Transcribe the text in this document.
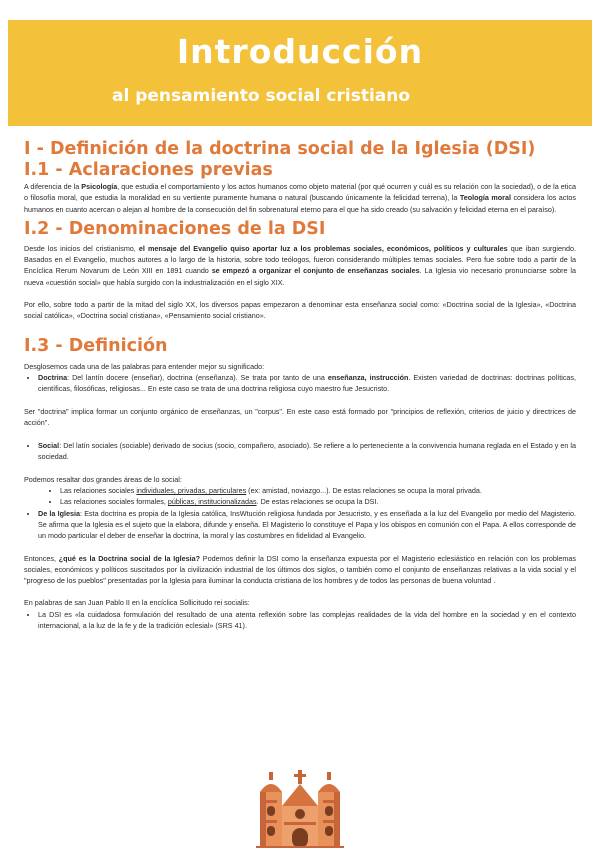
Introducción
al pensamiento social cristiano
I - Definición de la doctrina social de la Iglesia (DSI)
I.1 - Aclaraciones previas

A diferencia de la Psicología, que estudia el comportamiento y los actos humanos como objeto material (por qué ocurren y cuál es su relación con la sociedad), o de la etica o filosofía moral, que estudia la moralidad en su vertiente puramente humana o natural (buscando únicamente la felicidad terrena), la Teología moral considera los actos humanos en cuanto acercan o alejan al hombre de la consecución del fin sobrenatural eterno para el que ha sido creado (su salvación y felicidad eterna en el paraíso).

I.2 - Denominaciones de la DSI

Desde los inicios del cristianismo, el mensaje del Evangelio quiso aportar luz a los problemas sociales, económicos, políticos y culturales que iban surgiendo. Basados en el Evangelio, muchos autores a lo largo de la historia, sobre todo teólogos, fueron considerando múltiples temas sociales. Pero fue sobre todo a partir de la Encíclica Rerum Novarum de León XIII en 1891 cuando se empezó a organizar el conjunto de enseñanzas sociales. La Iglesia vio necesario pronunciarse sobre la nueva «cuestión social» que había surgido con la industrialización en el siglo XIX.

Por ello, sobre todo a partir de la mitad del siglo XX, los diversos papas empezaron a denominar esta enseñanza social como: «Doctrina social de la Iglesia», «Doctrina social católica», «Doctrina social cristiana», «Pensamiento social cristiano».

I.3 - Definición

Desglosemos cada una de las palabras para entender mejor su significado:

• Doctrina: Del lantín docere (enseñar), doctrina (enseñanza). Se trata por tanto de una enseñanza, instrucción. Existen variedad de doctrinas: doctrinas políticas, científicas, filosóficas, religiosas... En este caso se trata de una doctrina religiosa cuyo maestro fue Jesucristo.

Ser "doctrina" implica formar un conjunto orgánico de enseñanzas, un "corpus". En este caso está formado por "principios de reflexión, criterios de juicio y directrices de acción".

• Social: Del latín sociales (sociable) derivado de socius (socio, compañero, asociado). Se refiere a lo perteneciente a la convivencia humana reglada en el Estado y en la sociedad.

Podemos resaltar dos grandes áreas de lo social:

• Las relaciones sociales individuales, privadas, particulares (ex: amistad, noviazgo...). De estas relaciones se ocupa la moral privada.
• Las relaciones sociales formales, públicas, institucionalizadas. De estas relaciones se ocupa la DSI.
• De la Iglesia: Esta doctrina es propia de la Iglesia católica, InsWtución religiosa fundada por Jesucristo, y es enseñada a la luz del Evangelio por medio del Magisterio. Se afirma que la Iglesia es el sujeto que la elabora, difunde y enseña. El Magisterio lo constituye el Papa y los obispos en comunión con el Papa. A ellos corresponde de un modo particular el deber de enseñar la doctrina, la moral y las costumbres en fidelidad al Evangelio.

Entonces, ¿qué es la Doctrina social de la Iglesia? Podemos definir la DSI como la enseñanza expuesta por el Magisterio eclesiástico en relación con los problemas sociales, económicos y políticos suscitados por la civilización industrial de los últimos dos siglos, o también como el conjunto de enseñanzas relativas a la vida social y el "progreso de los pueblos" presentadas por la Iglesia para iluminar la conducta cristiana de los hombres y de todos las personas de buena voluntad .

En palabras de san Juan Pablo II en la encíclica Sollicitudo rei socialis:

• La DSI es «la cuidadosa formulación del resultado de una atenta reflexión sobre las complejas realidades de la vida del hombre en la sociedad y en el contexto internacional, a la luz de la fe y de la tradición eclesial» (SRS 41).
